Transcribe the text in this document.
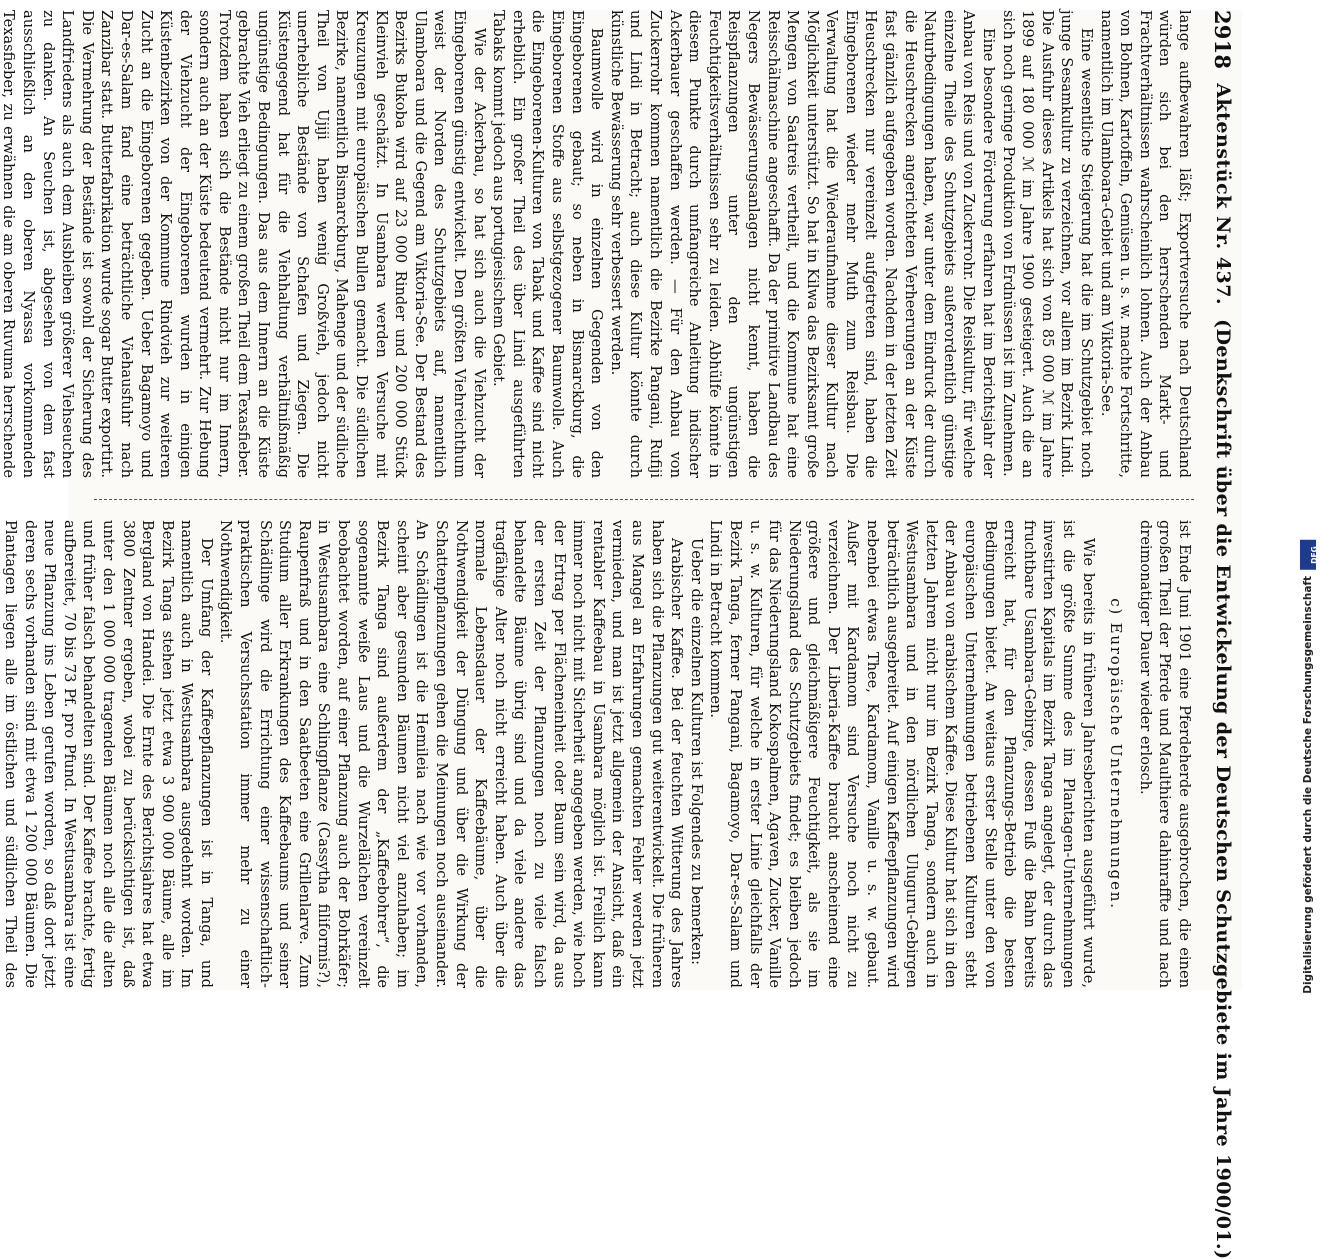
2918
Aktenstück Nr. 437.
(Denkschrift über die Entwickelung der Deutschen Schutzgebiete im Jahre 1900/01.)

lange aufbewahren läßt; Exportversuche nach Deutschland würden sich bei den herrschenden Markt- und Frachtverhältnissen wahrscheinlich lohnen. Auch der Anbau von Bohnen, Kartoffeln, Gemüsen u. s. w. machte Fortschritte, namentlich im Ulamboara-Gebiet und am Viktoria-See.

Eine wesentliche Steigerung hat die im Schutzgebiet noch junge Sesamkultur zu verzeichnen, vor allem im Bezirk Lindi. Die Ausfuhr dieses Artikels hat sich von 85 000 ℳ im Jahre 1899 auf 180 000 ℳ im Jahre 1900 gesteigert. Auch die an sich noch geringe Produktion von Erdnüssen ist im Zunehmen.

Eine besondere Förderung erfahren hat im Berichtsjahr der Anbau von Reis und von Zuckerrohr. Die Reiskultur, für welche einzelne Theile des Schutzgebiets außerordentlich günstige Naturbedingungen haben, war unter dem Eindruck der durch die Heuschrecken angerichteten Verheerungen an der Küste fast gänzlich aufgegeben worden. Nachdem in der letzten Zeit Heuschrecken nur vereinzelt aufgetreten sind, haben die Eingeborenen wieder mehr Muth zum Reisbau. Die Verwaltung hat die Wiederaufnahme dieser Kultur nach Möglichkeit unterstützt. So hat in Kilwa das Bezirksamt große Mengen von Saatreis vertheilt, und die Kommune hat eine Reisschälmaschine angeschafft. Da der primitive Landbau des Negers Bewässerungsanlagen nicht kennt, haben die Reispflanzungen unter den ungünstigen Feuchtigkeitsverhältnissen sehr zu leiden. Abhülfe könnte in diesem Punkte durch umfangreiche Anleitung indischer Ackerbauer geschaffen werden. — Für den Anbau von Zuckerrohr kommen namentlich die Bezirke Pangani, Rufiji und Lindi in Betracht; auch diese Kultur könnte durch künstliche Bewässerung sehr verbessert werden.

Baumwolle wird in einzelnen Gegenden von den Eingeborenen gebaut; so neben in Bismarckburg, die Eingeborenen Stoffe aus selbstgezogener Baumwolle. Auch die Eingeborenen-Kulturen von Tabak und Kaffee sind nicht erheblich. Ein großer Theil des über Lindi ausgeführten Tabaks kommt jedoch aus portugiesischem Gebiet.

Wie der Ackerbau, so hat sich auch die Viehzucht der Eingeborenen günstig entwickelt. Den größten Viehreichthum weist der Norden des Schutzgebiets auf, namentlich Ulamboara und die Gegend am Viktoria-See. Der Bestand des Bezirks Bukoba wird auf 23 000 Rinder und 200 000 Stück Kleinvieh geschätzt. In Usambara werden Versuche mit Kreuzungen mit europäischen Bullen gemacht. Die südlichen Bezirke, namentlich Bismarckburg, Mahenge und der südliche Theil von Ujiji haben wenig Großvieh, jedoch nicht unerhebliche Bestände von Schafen und Ziegen. Die Küstengegend hat für die Viehhaltung verhältnißmäßig ungünstige Bedingungen. Das aus dem Innern an die Küste gebrachte Vieh erliegt zu einem großen Theil dem Texasfieber. Trotzdem haben sich die Bestände nicht nur im Innern, sondern auch an der Küste bedeutend vermehrt. Zur Hebung der Viehzucht der Eingeborenen wurden in einigen Küstenbezirken von der Kommune Rindvieh zur weiteren Zucht an die Eingeborenen gegeben. Ueber Bagamoyo und Dar-es-Salam fand eine beträchtliche Viehausfuhr nach Zanzibar statt. Butterfabrikation wurde sogar Butter exportirt. Die Vermehrung der Bestände ist sowohl der Sicherung des Landfriedens als auch dem Ausbleiben größerer Viehseuchen zu danken. An Seuchen ist, abgesehen von dem fast ausschließlich an den oberen Nyassa vorkommenden Texasfieber, zu erwähnen die am oberen Ruvuma herrschende

ist Ende Juni 1901 eine Pferdeherde ausgebrochen, die einen großen Theil der Pferde und Maulthiere dahinraffte und nach dreimonatiger Dauer wieder erlosch.

c) Europäische Unternehmungen.

Wie bereits in früheren Jahresberichten ausgeführt wurde, ist die größte Summe des im Plantagen-Unternehmungen investirten Kapitals im Bezirk Tanga angelegt, der durch das fruchtbare Usambara-Gebirge, dessen Fuß die Bahn bereits erreicht hat, für den Pflanzungs-Betrieb die besten Bedingungen bietet. An weitaus erster Stelle unter den von europäischen Unternehmungen betriebenen Kulturen steht der Anbau von arabischem Kaffee. Diese Kultur hat sich in den letzten Jahren nicht nur im Bezirk Tanga, sondern auch in Westusambara und in den nördlichen Uluguru-Gebirgen beträchtlich ausgebreitet. Auf einigen Kaffeepflanzungen wird nebenbei etwas Thee, Kardamom, Vanille u. s. w. gebaut. Außer mit Kardamom sind Versuche noch nicht zu verzeichnen. Der Liberia-Kaffee braucht anscheinend eine größere und gleichmäßigere Feuchtigkeit, als sie im Niederungsland des Schutzgebiets findet; es bleiben jedoch für das Niederungsland Kokospalmen, Agaven, Zucker, Vanille u. s. w. Kulturen, für welche in erster Linie gleichfalls der Bezirk Tanga, ferner Pangani, Bagamoyo, Dar-es-Salam und Lindi in Betracht kommen.

Ueber die einzelnen Kulturen ist Folgendes zu bemerken:

Arabischer Kaffee. Bei der feuchten Witterung des Jahres haben sich die Pflanzungen gut weiterentwickelt. Die früheren aus Mangel an Erfahrungen gemachten Fehler werden jetzt vermieden, und man ist jetzt allgemein der Ansicht, daß ein rentabler Kaffeebau in Usambara möglich ist. Freilich kann immer noch nicht mit Sicherheit angegeben werden, wie hoch der Ertrag per Flächeneinheit oder Baum sein wird, da aus der ersten Zeit der Pflanzungen noch zu viele falsch behandelte Bäume übrig sind und da viele andere das tragfähige Alter noch nicht erreicht haben. Auch über die normale Lebensdauer der Kaffeebäume, über die Nothwendigkeit der Düngung und über die Wirkung der Schattenpflanzungen gehen die Meinungen noch auseinander. An Schädlingen ist die Hemileia nach wie vor vorhanden, scheint aber gesunden Bäumen nicht viel anzuhaben; im Bezirk Tanga sind außerdem der „Kaffeebohrer“, die sogenannte weiße Laus und die Wurzelälchen vereinzelt beobachtet worden, auf einer Pflanzung auch der Bohrkäfer; in Westusambara eine Schlingpflanze (Cassytha filiformis?), Raupenfraß und in den Saatbeeten eine Grillenlarve. Zum Studium aller Erkrankungen des Kaffeebaums und seiner Schädlinge wird die Errichtung einer wissenschaftlich-praktischen Versuchsstation immer mehr zu einer Nothwendigkeit.

Der Umfang der Kaffeepflanzungen ist in Tanga, und namentlich auch in Westusambara ausgedehnt worden. Im Bezirk Tanga stehen jetzt etwa 3 900 000 Bäume, alle im Bergland von Handei. Die Ernte des Berichtsjahres hat etwa 3800 Zentner ergeben, wobei zu berücksichtigen ist, daß unter den 1 000 000 tragenden Bäumen noch alle die alten und früher falsch behandelten sind. Der Kaffee brachte, fertig aufbereitet, 70 bis 73 Pf. pro Pfund. In Westusambara ist eine neue Pflanzung ins Leben gerufen worden, so daß dort jetzt deren sechs vorhanden sind mit etwa 1 200 000 Bäumen. Die Plantagen liegen alle im östlichen und südlichen Theil des	Digitalisierung gefördert durch die Deutsche Forschungsgemeinschaft
DFG
